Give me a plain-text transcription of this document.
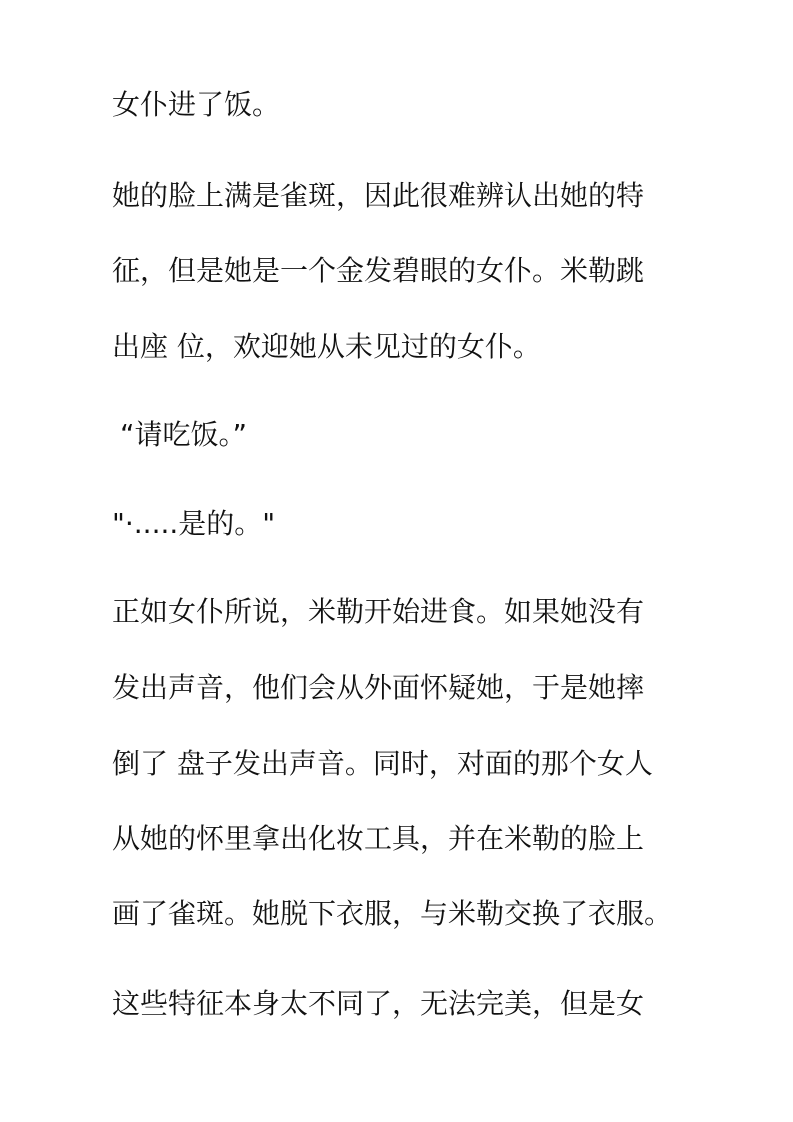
女仆进了饭。
她的脸上满是雀斑，因此很难辨认出她的特
征，但是她是一个金发碧眼的女仆。米勒跳
出座 位，欢迎她从未见过的女仆。
“请吃饭。”
"·.....是的。"
正如女仆所说，米勒开始进食。如果她没有
发出声音，他们会从外面怀疑她，于是她摔
倒了 盘子发出声音。同时，对面的那个女人
从她的怀里拿出化妆工具，并在米勒的脸上
画了雀斑。她脱下衣服，与米勒交换了衣服。
这些特征本身太不同了，无法完美，但是女
